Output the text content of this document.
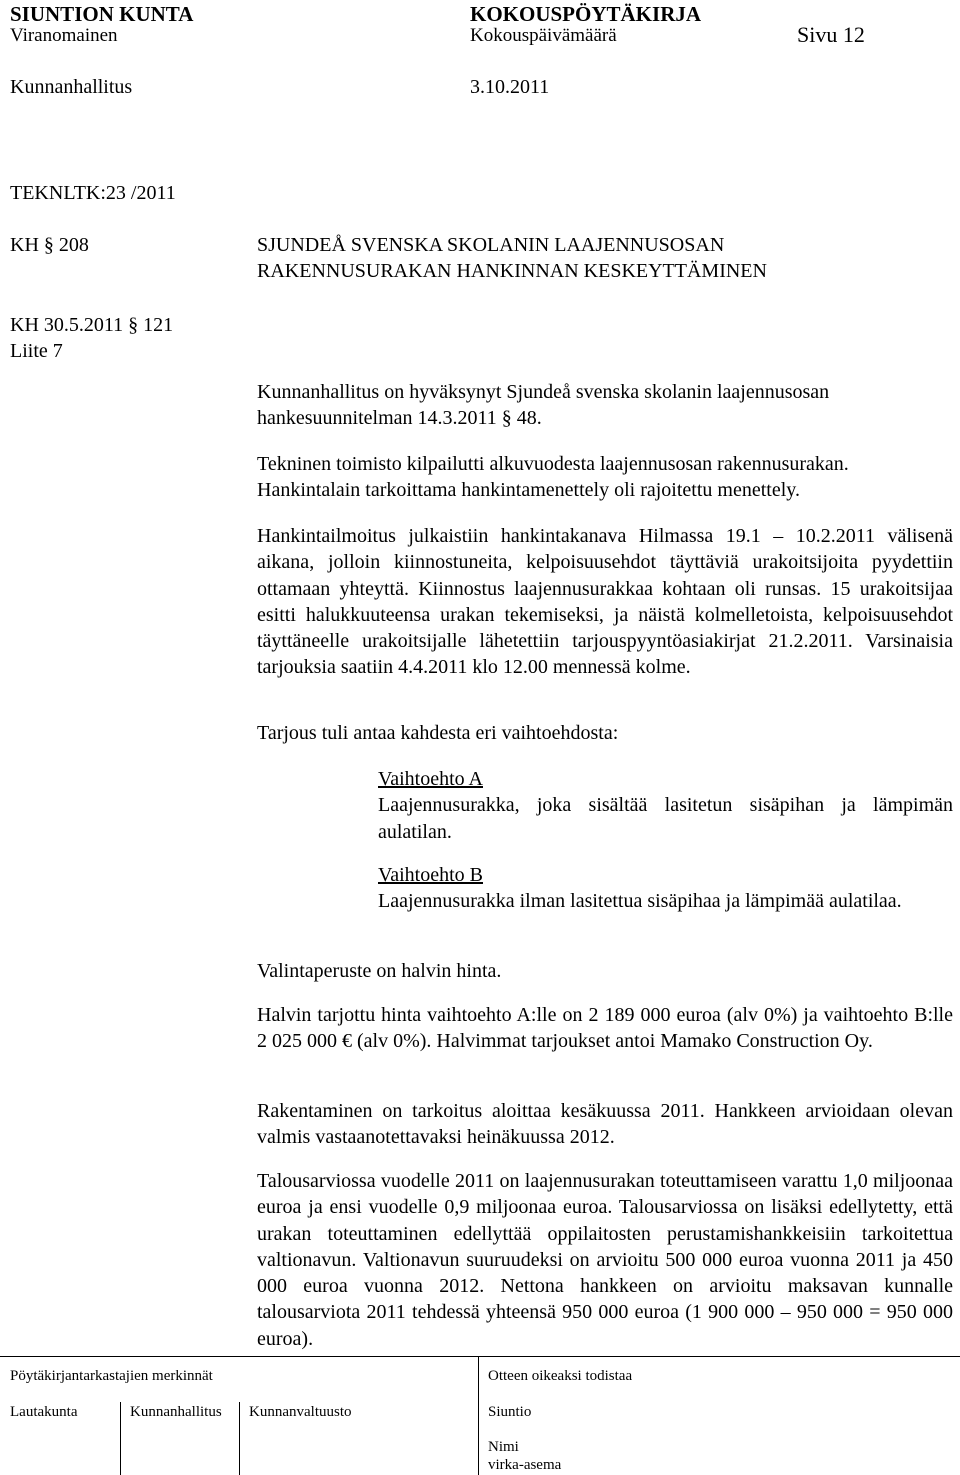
SIUNTION KUNTA	KOKOUSPÖYTÄKIRJA
Viranomainen	Kokouspäivämäärä	Sivu 12
Kunnanhallitus	3.10.2011
TEKNLTK:23 /2011
KH § 208
KH 30.5.2011 § 121
Liite 7
SJUNDEÅ SVENSKA SKOLANIN LAAJENNUSOSAN
RAKENNUSURAKAN HANKINNAN KESKEYTTÄMINEN

Kunnanhallitus on hyväksynyt Sjundeå svenska skolanin laajennusosan hankesuunnitelman 14.3.2011 § 48.

Tekninen toimisto kilpailutti alkuvuodesta laajennusosan rakennusurakan.

Hankintalain tarkoittama hankintamenettely oli rajoitettu menettely.

Hankintailmoitus julkaistiin hankintakanava Hilmassa 19.1 – 10.2.2011 välisenä aikana, jolloin kiinnostuneita, kelpoisuusehdot täyttäviä urakoitsijoita pyydettiin ottamaan yhteyttä. Kiinnostus laajennusurakkaa kohtaan oli runsas. 15 urakoitsijaa esitti halukkuuteensa urakan tekemiseksi, ja näistä kolmelletoista, kelpoisuusehdot täyttäneelle urakoitsijalle lähetettiin tarjouspyyntöasiakirjat 21.2.2011. Varsinaisia tarjouksia saatiin 4.4.2011 klo 12.00 mennessä kolme.

Tarjous tuli antaa kahdesta eri vaihtoehdosta:

Vaihtoehto A

Laajennusurakka, joka sisältää lasitetun sisäpihan ja lämpimän aulatilan.

Vaihtoehto B

Laajennusurakka ilman lasitettua sisäpihaa ja lämpimää aulatilaa.

Valintaperuste on halvin hinta.

Halvin tarjottu hinta vaihtoehto A:lle on 2 189 000 euroa (alv 0%) ja vaihtoehto B:lle 2 025 000 € (alv 0%). Halvimmat tarjoukset antoi Mamako Construction Oy.

Rakentaminen on tarkoitus aloittaa kesäkuussa 2011. Hankkeen arvioidaan olevan valmis vastaanotettavaksi heinäkuussa 2012.

Talousarviossa vuodelle 2011 on laajennusurakan toteuttamiseen varattu 1,0 miljoonaa euroa ja ensi vuodelle 0,9 miljoonaa euroa. Talousarviossa on lisäksi edellytetty, että urakan toteuttaminen edellyttää oppilaitosten perustamishankkeisiin tarkoitettua valtionavun. Valtionavun suuruudeksi on arvioitu 500 000 euroa vuonna 2011 ja 450 000 euroa vuonna 2012. Nettona hankkeen on arvioitu maksavan kunnalle talousarviota 2011 tehdessä yhteensä 950 000 euroa (1 900 000 – 950 000 = 950 000 euroa).

Pöytäkirjantarkastajien merkinnät	Otteen oikeaksi todistaa
Lautakunta	Kunnanhallitus Kunnanvaltuusto	Siuntio
Nimi
virka-asema
